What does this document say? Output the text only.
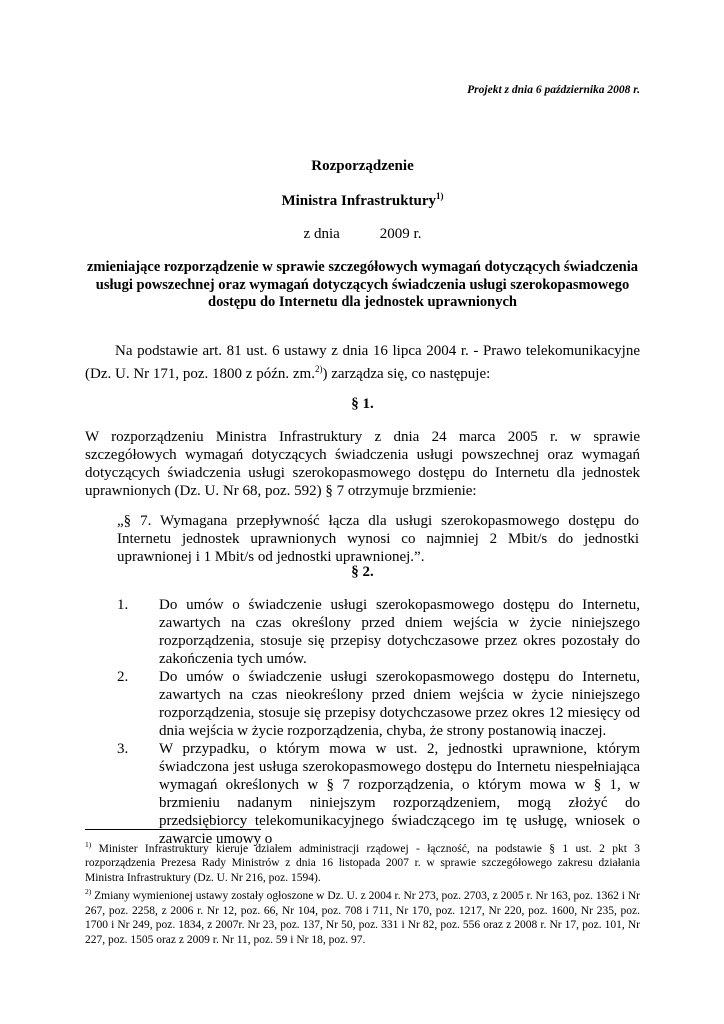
Projekt z dnia 6 października 2008 r.
Rozporządzenie
Ministra Infrastruktury$^{1)}$
z dnia	2009 r.
zmieniające rozporządzenie w sprawie szczegółowych wymagań dotyczących świadczenia usługi powszechnej oraz wymagań dotyczących świadczenia usługi szerokopasmowego dostępu do Internetu dla jednostek uprawnionych
Na podstawie art. 81 ust. 6 ustawy z dnia 16 lipca 2004 r. - Prawo telekomunikacyjne (Dz. U. Nr 171, poz. 1800 z późn. zm.$^{2)}$) zarządza się, co następuje:
§ 1.
W rozporządzeniu Ministra Infrastruktury z dnia 24 marca 2005 r. w sprawie szczegółowych wymagań dotyczących świadczenia usługi powszechnej oraz wymagań dotyczących świadczenia usługi szerokopasmowego dostępu do Internetu dla jednostek uprawnionych (Dz. U. Nr 68, poz. 592) § 7 otrzymuje brzmienie:
„§ 7. Wymagana przepływność łącza dla usługi szerokopasmowego dostępu do Internetu jednostek uprawnionych wynosi co najmniej 2 Mbit/s do jednostki uprawnionej i 1 Mbit/s od jednostki uprawnionej.”.
§ 2.
1.	Do umów o świadczenie usługi szerokopasmowego dostępu do Internetu, zawartych na czas określony przed dniem wejścia w życie niniejszego rozporządzenia, stosuje się przepisy dotychczasowe przez okres pozostały do zakończenia tych umów.
2.	Do umów o świadczenie usługi szerokopasmowego dostępu do Internetu, zawartych na czas nieokreślony przed dniem wejścia w życie niniejszego rozporządzenia, stosuje się przepisy dotychczasowe przez okres 12 miesięcy od dnia wejścia w życie rozporządzenia, chyba, że strony postanowią inaczej.
3.	W przypadku, o którym mowa w ust. 2, jednostki uprawnione, którym świadczona jest usługa szerokopasmowego dostępu do Internetu niespełniająca wymagań określonych w § 7 rozporządzenia, o którym mowa w § 1, w brzmieniu nadanym niniejszym rozporządzeniem, mogą złożyć do przedsiębiorcy telekomunikacyjnego świadczącego im tę usługę, wniosek o zawarcie umowy o

$^{1)}$ Minister Infrastruktury kieruje działem administracji rządowej - łączność, na podstawie § 1 ust. 2 pkt 3 rozporządzenia Prezesa Rady Ministrów z dnia 16 listopada 2007 r. w sprawie szczegółowego zakresu działania Ministra Infrastruktury (Dz. U. Nr 216, poz. 1594).

$^{2)}$ Zmiany wymienionej ustawy zostały ogłoszone w Dz. U. z 2004 r. Nr 273, poz. 2703, z 2005 r. Nr 163, poz. 1362 i Nr 267, poz. 2258, z 2006 r. Nr 12, poz. 66, Nr 104, poz. 708 i 711, Nr 170, poz. 1217, Nr 220, poz. 1600, Nr 235, poz. 1700 i Nr 249, poz. 1834, z 2007r. Nr 23, poz. 137, Nr 50, poz. 331 i Nr 82, poz. 556 oraz z 2008 r. Nr 17, poz. 101, Nr 227, poz. 1505 oraz z 2009 r. Nr 11, poz. 59 i Nr 18, poz. 97.
